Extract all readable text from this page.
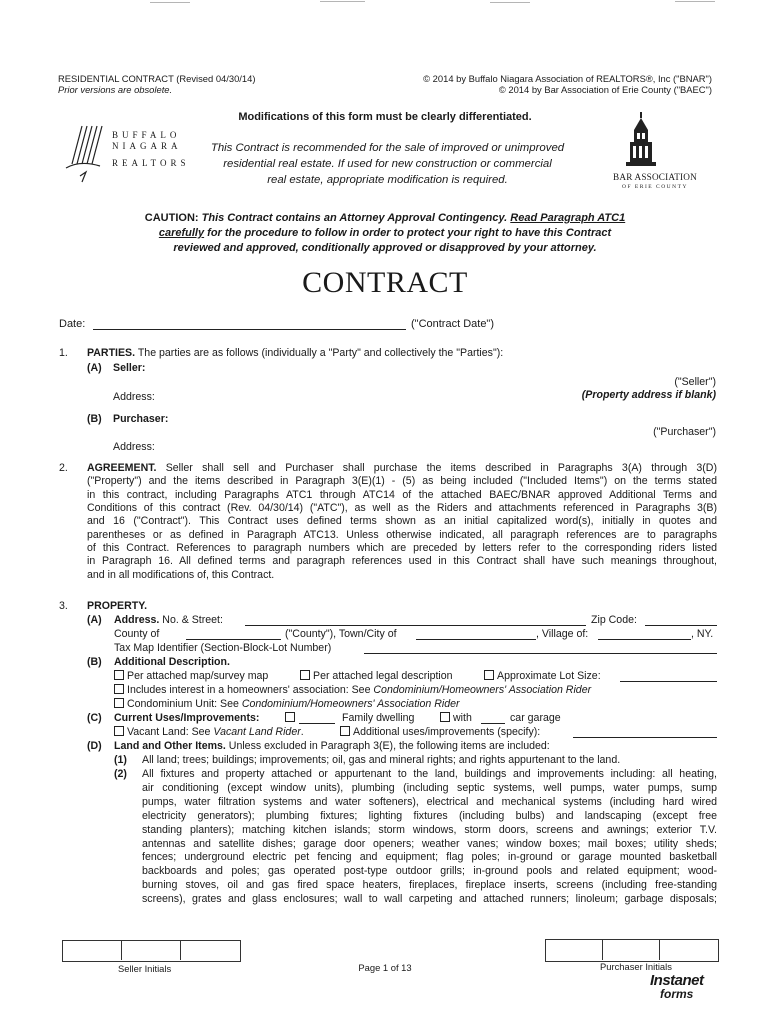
RESIDENTIAL CONTRACT (Revised 04/30/14)
Prior versions are obsolete.
© 2014 by Buffalo Niagara Association of REALTORS®, Inc ("BNAR")
© 2014 by Bar Association of Erie County ("BAEC")
BUFFALO
NIAGARA
REALTORS
Modifications of this form must be clearly differentiated.
This Contract is recommended for the sale of improved or unimproved
residential real estate. If used for new construction or commercial
real estate, appropriate modification is required.	BAR ASSOCIATION
OF ERIE COUNTY
CAUTION: This Contract contains an Attorney Approval Contingency. Read Paragraph ATC1
carefully for the procedure to follow in order to protect your right to have this Contract
reviewed and approved, conditionally approved or disapproved by your attorney.
CONTRACT
Date:	("Contract Date")
1. PARTIES. The parties are as follows (individually a "Party" and collectively the "Parties"):
(A) Seller:
("Seller")
Address:	(Property address if blank)
(B) Purchaser:
("Purchaser")
Address:
2. AGREEMENT. Seller shall sell and Purchaser shall purchase the items described in Paragraphs 3(A) through 3(D)
("Property") and the items described in Paragraph 3(E)(1) - (5) as being included ("Included Items") on the terms stated
in this contract, including Paragraphs ATC1 through ATC14 of the attached BAEC/BNAR approved Additional Terms and
Conditions of this contract (Rev. 04/30/14) ("ATC"), as well as the Riders and attachments referenced in Paragraphs 3(B)
and 16 ("Contract"). This Contract uses defined terms shown as an initial capitalized word(s), initially in quotes and
parentheses or as defined in Paragraph ATC13. Unless otherwise indicated, all paragraph references are to paragraphs
of this Contract. References to paragraph numbers which are preceded by letters refer to the corresponding riders listed
in Paragraph 16. All defined terms and paragraph references used in this Contract shall have such meanings throughout,
and in all modifications of, this Contract.
3. PROPERTY.
(A) Address. No. & Street:	Zip Code:
County of	("County"), Town/City of	, Village of:	, NY.
Tax Map Identifier (Section-Block-Lot Number)
(B) Additional Description.
Per attached map/survey map	Per attached legal description	Approximate Lot Size:
Includes interest in a homeowners' association: See Condominium/Homeowners' Association Rider
Condominium Unit: See Condominium/Homeowners' Association Rider
(C) Current Uses/Improvements:	Family dwelling	with	car garage
Vacant Land: See Vacant Land Rider.	Additional uses/improvements (specify):
(D) Land and Other Items. Unless excluded in Paragraph 3(E), the following items are included:
(1) All land; trees; buildings; improvements; oil, gas and mineral rights; and rights appurtenant to the land.
(2) All fixtures and property attached or appurtenant to the land, buildings and improvements including: all heating,
air conditioning (except window units), plumbing (including septic systems, well pumps, water pumps, sump
pumps, water filtration systems and water softeners), electrical and mechanical systems (including hard wired
electricity generators); plumbing fixtures; lighting fixtures (including bulbs) and landscaping (except free
standing planters); matching kitchen islands; storm windows, storm doors, screens and awnings; exterior T.V.
antennas and satellite dishes; garage door openers; weather vanes; window boxes; mail boxes; utility sheds;
fences; underground electric pet fencing and equipment; flag poles; in-ground or garage mounted basketball
backboards and poles; gas operated post-type outdoor grills; in-ground pools and related equipment; wood-
burning stoves, oil and gas fired space heaters, fireplaces, fireplace inserts, screens (including free-standing
screens), grates and glass enclosures; wall to wall carpeting and attached runners; linoleum; garbage disposals;
Seller Initials	Page 1 of 13	Purchaser Initials
Instanet
forms
